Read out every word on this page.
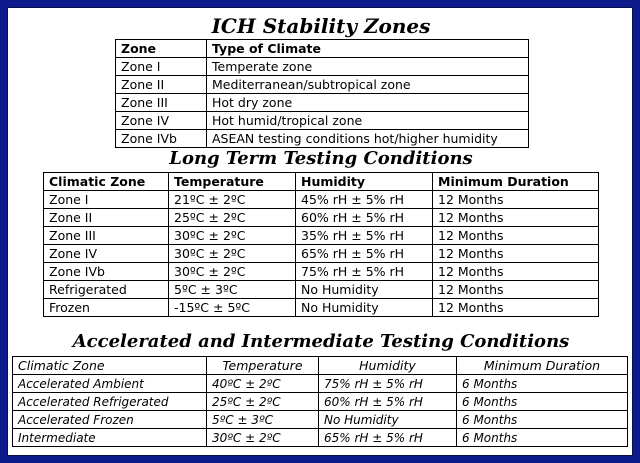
ICH Stability Zones
Zone	Type of Climate
Zone I	Temperate zone
Zone II	Mediterranean/subtropical zone
Zone III	Hot dry zone
Zone IV	Hot humid/tropical zone
Zone IVb	ASEAN testing conditions hot/higher humidity
Long Term Testing Conditions
Climatic Zone	Temperature	Humidity	Minimum Duration
Zone I	21ºC ± 2ºC	45% rH ± 5% rH	12 Months
Zone II	25ºC ± 2ºC	60% rH ± 5% rH	12 Months
Zone III	30ºC ± 2ºC	35% rH ± 5% rH	12 Months
Zone IV	30ºC ± 2ºC	65% rH ± 5% rH	12 Months
Zone IVb	30ºC ± 2ºC	75% rH ± 5% rH	12 Months
Refrigerated	5ºC ± 3ºC	No Humidity	12 Months
Frozen	-15ºC ± 5ºC	No Humidity	12 Months
Accelerated and Intermediate Testing Conditions
Climatic Zone	Temperature	Humidity	Minimum Duration
Accelerated Ambient	40ºC ± 2ºC	75% rH ± 5% rH	6 Months
Accelerated Refrigerated	25ºC ± 2ºC	60% rH ± 5% rH	6 Months
Accelerated Frozen	5ºC ± 3ºC	No Humidity	6 Months
Intermediate	30ºC ± 2ºC	65% rH ± 5% rH	6 Months
